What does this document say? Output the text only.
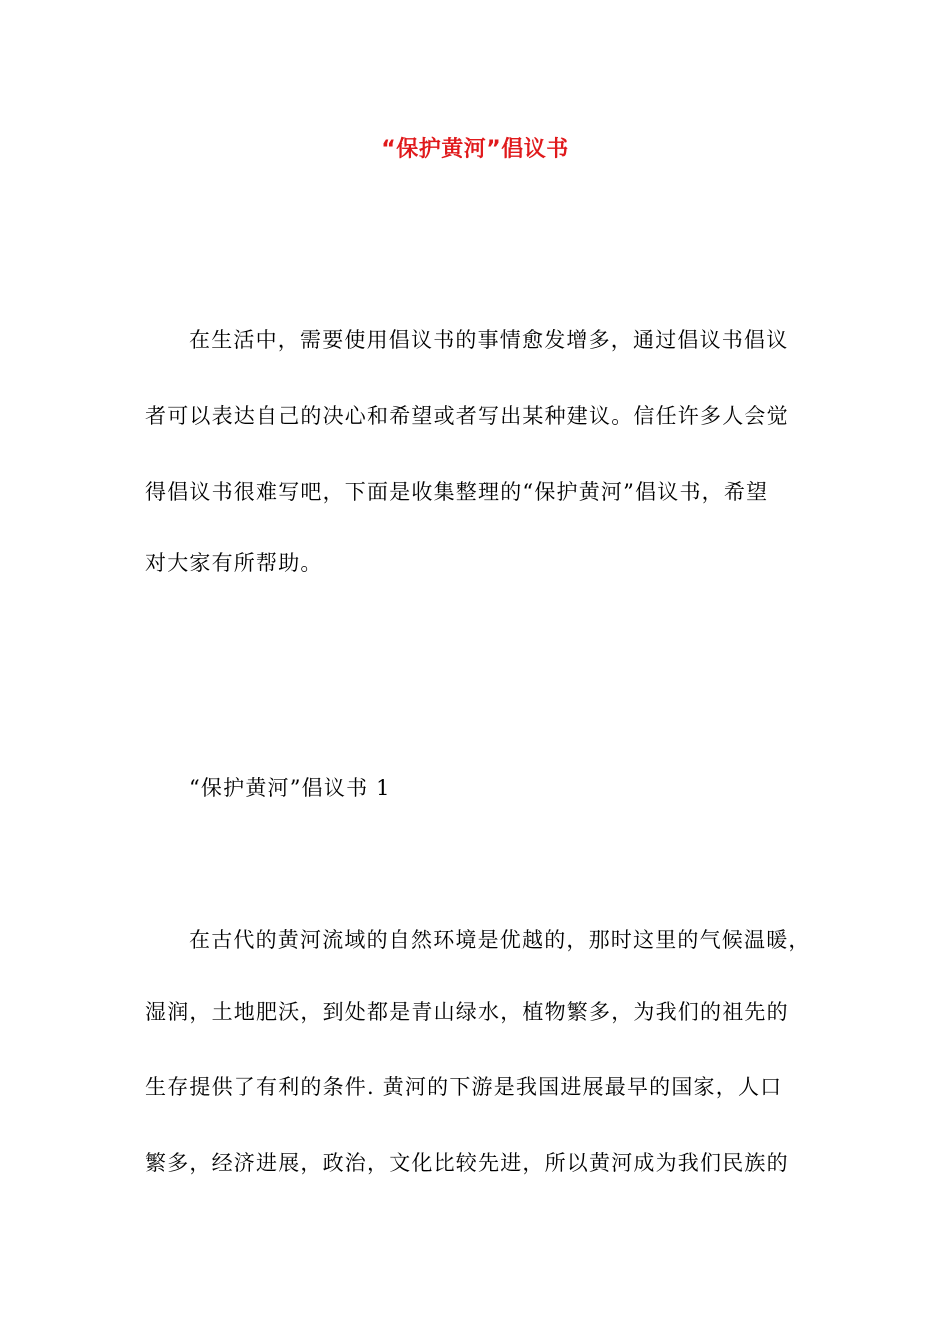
“保护黄河”倡议书
在生活中，需要使用倡议书的事情愈发增多，通过倡议书倡议
者可以表达自己的决心和希望或者写出某种建议。信任许多人会觉
得倡议书很难写吧，下面是收集整理的“保护黄河”倡议书，希望
对大家有所帮助。
“保护黄河”倡议书 1
在古代的黄河流域的自然环境是优越的，那时这里的气候温暖，
湿润，土地肥沃，到处都是青山绿水，植物繁多，为我们的祖先的
生存提供了有利的条件. 黄河的下游是我国进展最早的国家，人口
繁多，经济进展，政治，文化比较先进，所以黄河成为我们民族的
